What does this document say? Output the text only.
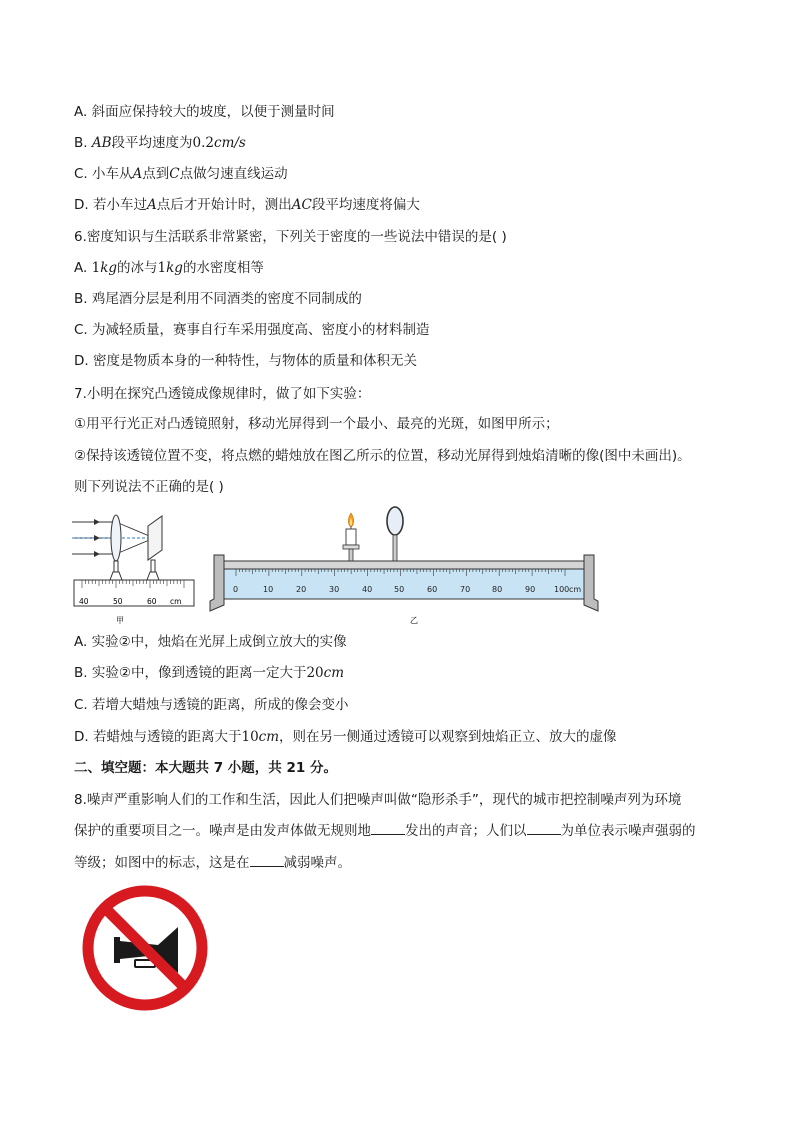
A. 斜面应保持较大的坡度，以便于测量时间
B. AB段平均速度为0.2cm/s
C. 小车从A点到C点做匀速直线运动
D. 若小车过A点后才开始计时，测出AC段平均速度将偏大
6.密度知识与生活联系非常紧密，下列关于密度的一些说法中错误的是( )
A. 1kg的冰与1kg的水密度相等
B. 鸡尾酒分层是利用不同酒类的密度不同制成的
C. 为减轻质量，赛事自行车采用强度高、密度小的材料制造
D. 密度是物质本身的一种特性，与物体的质量和体积无关
7.小明在探究凸透镜成像规律时，做了如下实验：
①用平行光正对凸透镜照射，移动光屏得到一个最小、最亮的光斑，如图甲所示；
②保持该透镜位置不变，将点燃的蜡烛放在图乙所示的位置，移动光屏得到烛焰清晰的像(图中未画出)。
则下列说法不正确的是( )
40	50	60 cm
甲
0	10	20	30	40	50	60	70	80	90 100 cm
乙
A. 实验②中，烛焰在光屏上成倒立放大的实像
B. 实验②中，像到透镜的距离一定大于20cm
C. 若增大蜡烛与透镜的距离，所成的像会变小
D. 若蜡烛与透镜的距离大于10cm，则在另一侧通过透镜可以观察到烛焰正立、放大的虚像
二、填空题：本大题共 7 小题，共 21 分。
8.噪声严重影响人们的工作和生活，因此人们把噪声叫做“隐形杀手”，现代的城市把控制噪声列为环境
保护的重要项目之一。噪声是由发声体做无规则地	发出的声音；人们以	为单位表示噪声强弱的
等级；如图中的标志，这是在	减弱噪声。
